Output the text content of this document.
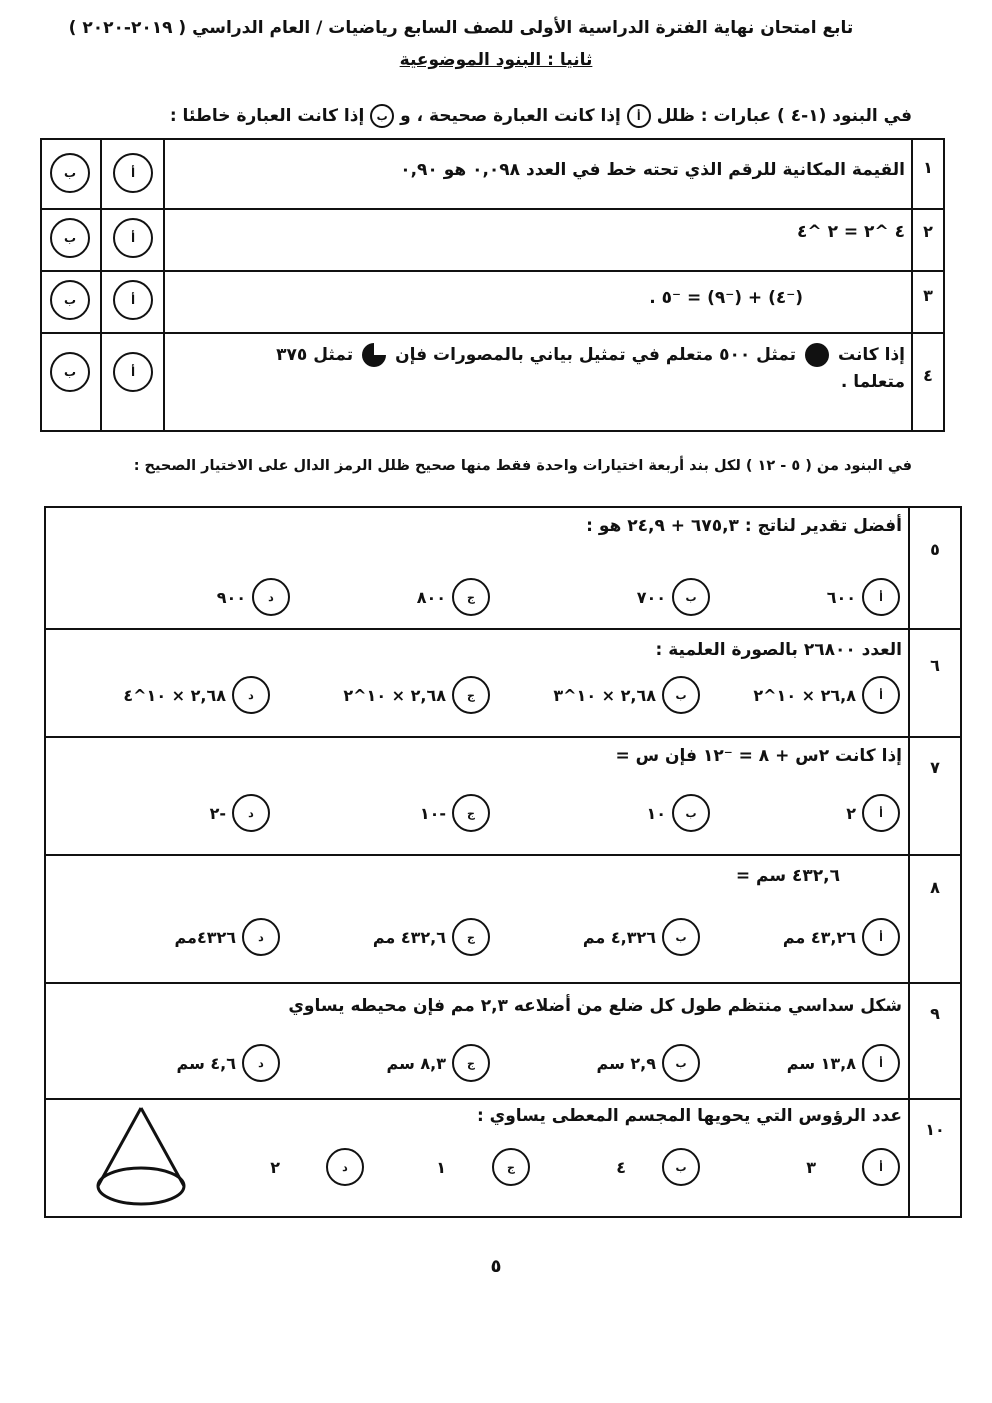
تابع امتحان نهاية الفترة الدراسية الأولى للصف السابع رياضيات / العام الدراسي ( ٢٠١٩-٢٠٢٠ )
ثانيا : البنود الموضوعية
في البنود (١-٤ ) عبارات : ظلل أ إذا كانت العبارة صحيحة ، و ب إذا كانت العبارة خاطئا :
١
القيمة المكانية للرقم الذي تحته خط في العدد ٠,٠٩٨ هو ٠,٩٠
أ
ب
٢
٤ ^٢ = ٢ ^٤
أ
ب
٣
(⁻٤) + (⁻٩) = ⁻٥ .
أ
ب
٤
إذا كانت
تمثل ٥٠٠ متعلم في تمثيل بياني بالمصورات فإن
تمثل ٣٧٥
متعلما .
أ
ب
في البنود من ( ٥ - ١٢ ) لكل بند أربعة اختيارات واحدة فقط منها صحيح ظلل الرمز الدال على الاختيار الصحيح :
٥
أفضل تقدير لناتج : ٦٧٥,٣ + ٢٤,٩ هو :
أ
٦٠٠
ب
٧٠٠
ج
٨٠٠
د
٩٠٠
٦
العدد ٢٦٨٠٠ بالصورة العلمية :
أ
٢٦,٨ × ١٠^٢
ب
٢,٦٨ × ١٠^٣
ج
٢,٦٨ × ١٠^٢
د
٢,٦٨ × ١٠^٤
٧
إذا كانت ٢س + ٨ = ⁻١٢ فإن س =
أ
٢
ب
١٠
ج
-١٠
د
-٢
٨
٤٣٢,٦ سم =
أ
٤٣,٢٦ مم
ب
٤,٣٢٦ مم
ج
٤٣٢,٦ مم
د
٤٣٢٦مم
٩
شكل سداسي منتظم طول كل ضلع من أضلاعه ٢,٣ مم فإن محيطه يساوي
أ
١٣,٨ سم
ب
٢,٩ سم
ج
٨,٣ سم
د
٤,٦ سم
١٠
عدد الرؤوس التي يحويها المجسم المعطى يساوي :
أ
٣
ب
٤
ج
١
د
٢
٥
